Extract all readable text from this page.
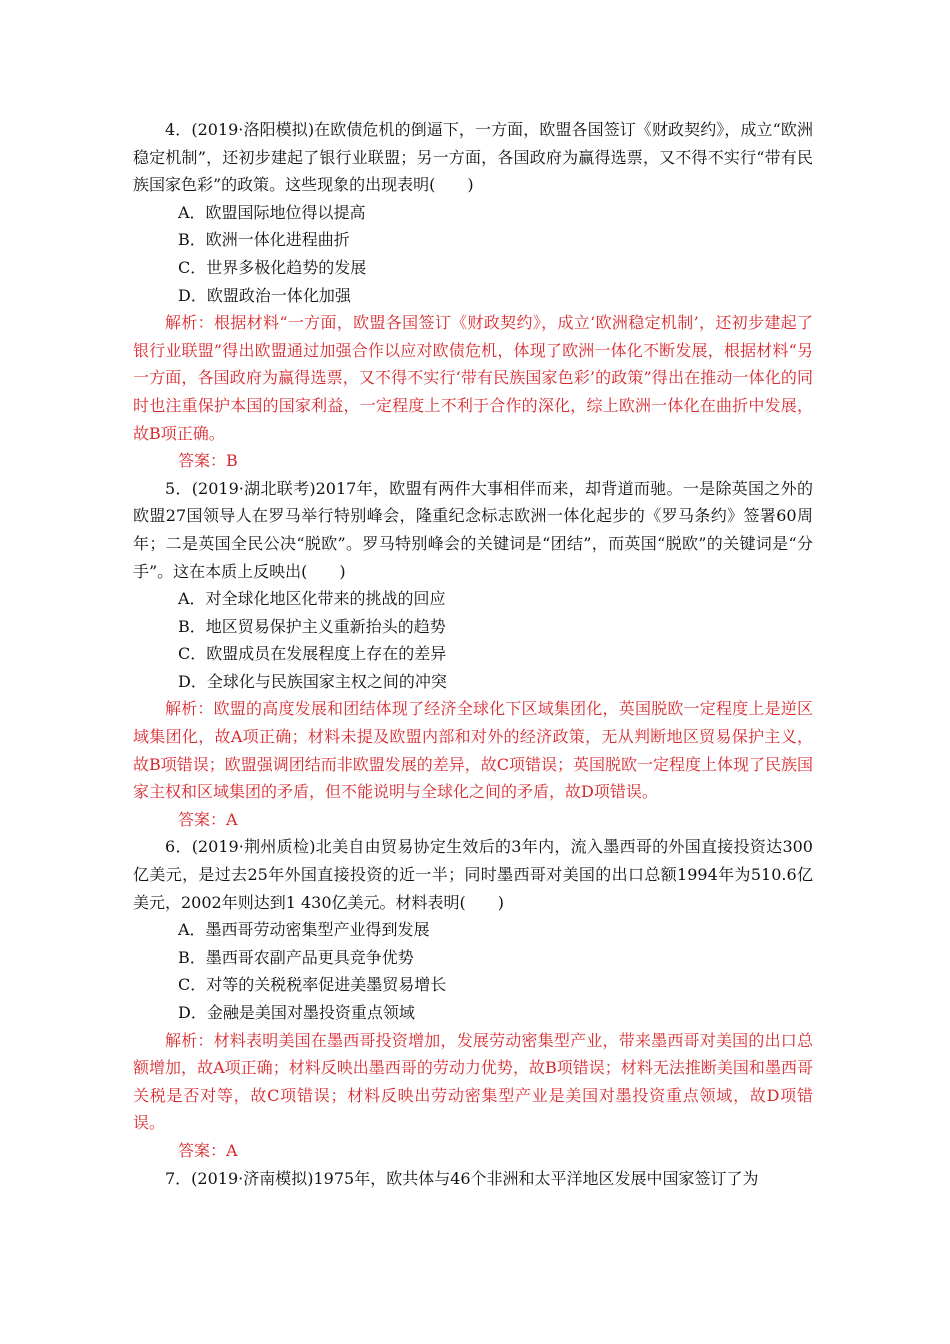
4．(2019·洛阳模拟)在欧债危机的倒逼下，一方面，欧盟各国签订《财政契约》，成立“欧洲稳定机制”，还初步建起了银行业联盟；另一方面，各国政府为赢得选票，又不得不实行“带有民族国家色彩”的政策。这些现象的出现表明(　　)

A．欧盟国际地位得以提高

B．欧洲一体化进程曲折

C．世界多极化趋势的发展

D．欧盟政治一体化加强

解析：根据材料“一方面，欧盟各国签订《财政契约》，成立‘欧洲稳定机制’，还初步建起了银行业联盟”得出欧盟通过加强合作以应对欧债危机，体现了欧洲一体化不断发展，根据材料“另一方面，各国政府为赢得选票，又不得不实行‘带有民族国家色彩’的政策”得出在推动一体化的同时也注重保护本国的国家利益，一定程度上不利于合作的深化，综上欧洲一体化在曲折中发展，故B项正确。

答案：B

5．(2019·湖北联考)2017年，欧盟有两件大事相伴而来，却背道而驰。一是除英国之外的欧盟27国领导人在罗马举行特别峰会，隆重纪念标志欧洲一体化起步的《罗马条约》签署60周年；二是英国全民公决“脱欧”。罗马特别峰会的关键词是“团结”，而英国“脱欧”的关键词是“分手”。这在本质上反映出(　　)

A．对全球化地区化带来的挑战的回应

B．地区贸易保护主义重新抬头的趋势

C．欧盟成员在发展程度上存在的差异

D．全球化与民族国家主权之间的冲突

解析：欧盟的高度发展和团结体现了经济全球化下区域集团化，英国脱欧一定程度上是逆区域集团化，故A项正确；材料未提及欧盟内部和对外的经济政策，无从判断地区贸易保护主义，故B项错误；欧盟强调团结而非欧盟发展的差异，故C项错误；英国脱欧一定程度上体现了民族国家主权和区域集团的矛盾，但不能说明与全球化之间的矛盾，故D项错误。

答案：A

6．(2019·荆州质检)北美自由贸易协定生效后的3年内，流入墨西哥的外国直接投资达300亿美元，是过去25年外国直接投资的近一半；同时墨西哥对美国的出口总额1994年为510.6亿美元，2002年则达到1 430亿美元。材料表明(　　)

A．墨西哥劳动密集型产业得到发展

B．墨西哥农副产品更具竞争优势

C．对等的关税税率促进美墨贸易增长

D．金融是美国对墨投资重点领域

解析：材料表明美国在墨西哥投资增加，发展劳动密集型产业，带来墨西哥对美国的出口总额增加，故A项正确；材料反映出墨西哥的劳动力优势，故B项错误；材料无法推断美国和墨西哥关税是否对等，故C项错误；材料反映出劳动密集型产业是美国对墨投资重点领域，故D项错误。

答案：A

7．(2019·济南模拟)1975年，欧共体与46个非洲和太平洋地区发展中国家签订了为
